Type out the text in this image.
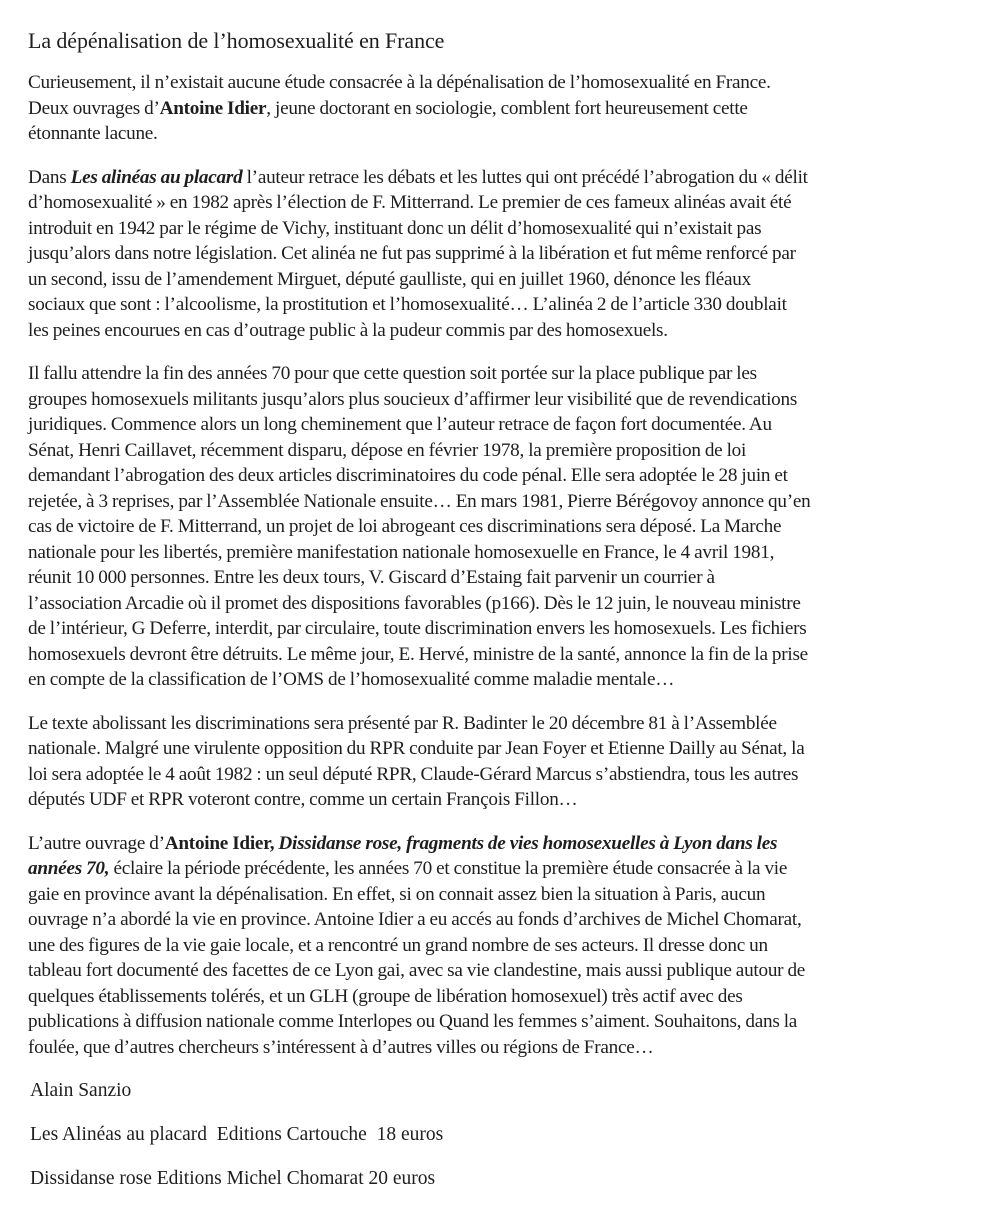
La dépénalisation de l’homosexualité en France

Curieusement, il n’existait aucune étude consacrée à la dépénalisation de l’homosexualité en France.
Deux ouvrages d’Antoine Idier, jeune doctorant en sociologie, comblent fort heureusement cette
étonnante lacune.

Dans Les alinéas au placard l’auteur retrace les débats et les luttes qui ont précédé l’abrogation du « délit
d’homosexualité » en 1982 après l’élection de F. Mitterrand. Le premier de ces fameux alinéas avait été
introduit en 1942 par le régime de Vichy, instituant donc un délit d’homosexualité qui n’existait pas
jusqu’alors dans notre législation. Cet alinéa ne fut pas supprimé à la libération et fut même renforcé par
un second, issu de l’amendement Mirguet, député gaulliste, qui en juillet 1960, dénonce les fléaux
sociaux que sont : l’alcoolisme, la prostitution et l’homosexualité… L’alinéa 2 de l’article 330 doublait
les peines encourues en cas d’outrage public à la pudeur commis par des homosexuels.

Il fallu attendre la fin des années 70 pour que cette question soit portée sur la place publique par les
groupes homosexuels militants jusqu’alors plus soucieux d’affirmer leur visibilité que de revendications
juridiques. Commence alors un long cheminement que l’auteur retrace de façon fort documentée. Au
Sénat, Henri Caillavet, récemment disparu, dépose en février 1978, la première proposition de loi
demandant l’abrogation des deux articles discriminatoires du code pénal. Elle sera adoptée le 28 juin et
rejetée, à 3 reprises, par l’Assemblée Nationale ensuite… En mars 1981, Pierre Bérégovoy annonce qu’en
cas de victoire de F. Mitterrand, un projet de loi abrogeant ces discriminations sera déposé. La Marche
nationale pour les libertés, première manifestation nationale homosexuelle en France, le 4 avril 1981,
réunit 10 000 personnes. Entre les deux tours, V. Giscard d’Estaing fait parvenir un courrier à
l’association Arcadie où il promet des dispositions favorables (p166). Dès le 12 juin, le nouveau ministre
de l’intérieur, G Deferre, interdit, par circulaire, toute discrimination envers les homosexuels. Les fichiers
homosexuels devront être détruits. Le même jour, E. Hervé, ministre de la santé, annonce la fin de la prise
en compte de la classification de l’OMS de l’homosexualité comme maladie mentale…

Le texte abolissant les discriminations sera présenté par R. Badinter le 20 décembre 81 à l’Assemblée
nationale. Malgré une virulente opposition du RPR conduite par Jean Foyer et Etienne Dailly au Sénat, la
loi sera adoptée le 4 août 1982 : un seul député RPR, Claude-Gérard Marcus s’abstiendra, tous les autres
députés UDF et RPR voteront contre, comme un certain François Fillon…

L’autre ouvrage d’Antoine Idier, Dissidanse rose, fragments de vies homosexuelles à Lyon dans les
années 70, éclaire la période précédente, les années 70 et constitue la première étude consacrée à la vie
gaie en province avant la dépénalisation. En effet, si on connait assez bien la situation à Paris, aucun
ouvrage n’a abordé la vie en province. Antoine Idier a eu accés au fonds d’archives de Michel Chomarat,
une des figures de la vie gaie locale, et a rencontré un grand nombre de ses acteurs. Il dresse donc un
tableau fort documenté des facettes de ce Lyon gai, avec sa vie clandestine, mais aussi publique autour de
quelques établissements tolérés, et un GLH (groupe de libération homosexuel) très actif avec des
publications à diffusion nationale comme Interlopes ou Quand les femmes s’aiment. Souhaitons, dans la
foulée, que d’autres chercheurs s’intéressent à d’autres villes ou régions de France…

Alain Sanzio
Les Alinéas au placard  Editions Cartouche  18 euros
Dissidanse rose Editions Michel Chomarat 20 euros
